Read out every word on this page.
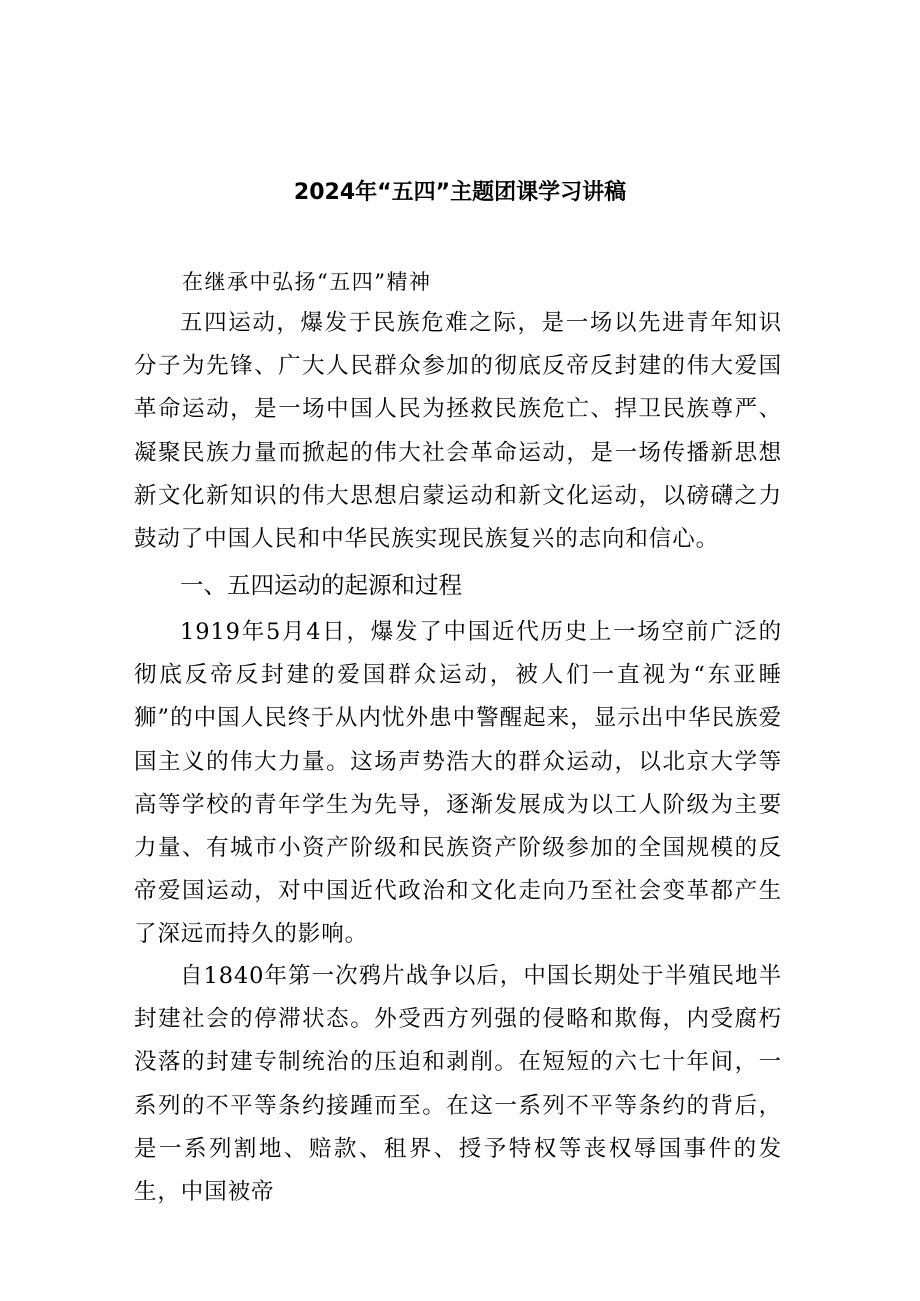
2024年“五四”主题团课学习讲稿
在继承中弘扬“五四”精神

五四运动，爆发于民族危难之际，是一场以先进青年知识分子为先锋、广大人民群众参加的彻底反帝反封建的伟大爱国革命运动，是一场中国人民为拯救民族危亡、捍卫民族尊严、凝聚民族力量而掀起的伟大社会革命运动，是一场传播新思想新文化新知识的伟大思想启蒙运动和新文化运动，以磅礴之力鼓动了中国人民和中华民族实现民族复兴的志向和信心。

一、五四运动的起源和过程

1919年5月4日，爆发了中国近代历史上一场空前广泛的彻底反帝反封建的爱国群众运动，被人们一直视为“东亚睡狮”的中国人民终于从内忧外患中警醒起来，显示出中华民族爱国主义的伟大力量。这场声势浩大的群众运动，以北京大学等高等学校的青年学生为先导，逐渐发展成为以工人阶级为主要力量、有城市小资产阶级和民族资产阶级参加的全国规模的反帝爱国运动，对中国近代政治和文化走向乃至社会变革都产生了深远而持久的影响。

自1840年第一次鸦片战争以后，中国长期处于半殖民地半封建社会的停滞状态。外受西方列强的侵略和欺侮，内受腐朽没落的封建专制统治的压迫和剥削。在短短的六七十年间，一系列的不平等条约接踵而至。在这一系列不平等条约的背后，是一系列割地、赔款、租界、授予特权等丧权辱国事件的发生，中国被帝
